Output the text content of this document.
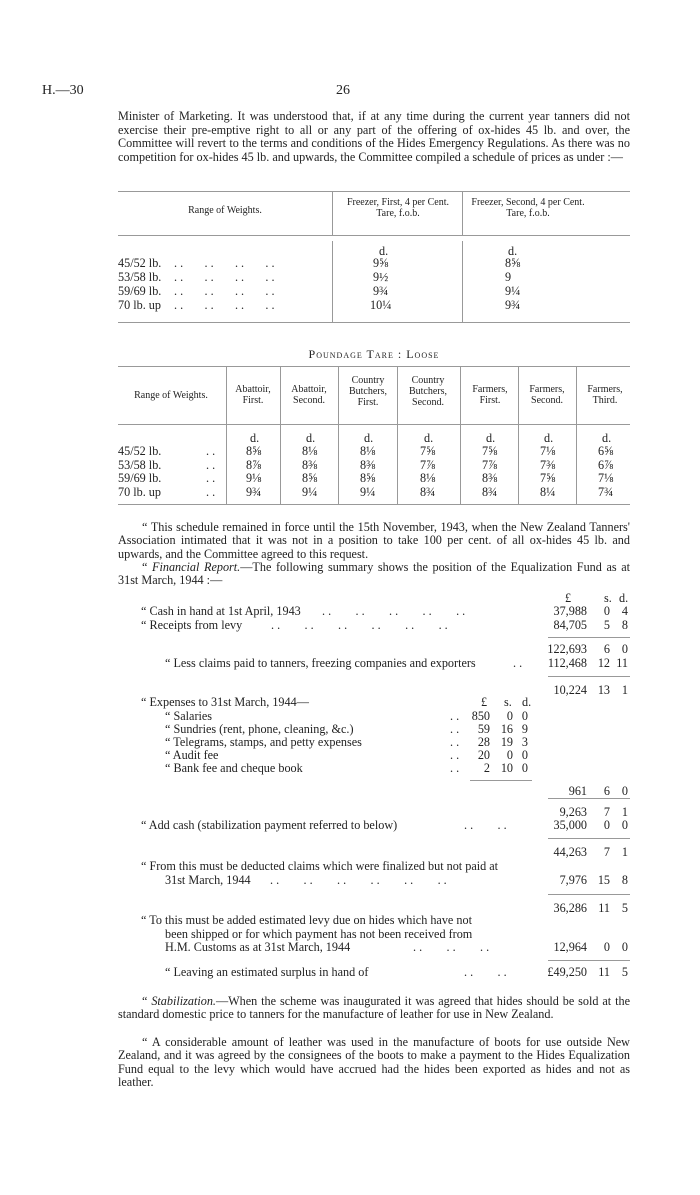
H.—30	26
Minister of Marketing. It was understood that, if at any time during the current year tanners did not exercise their pre-emptive right to all or any part of the offering of ox-hides 45 lb. and over, the Committee will revert to the terms and conditions of the Hides Emergency Regulations. As there was no competition for ox-hides 45 lb. and upwards, the Committee compiled a schedule of prices as under :—
Range of Weights.
Freezer, First, 4 per Cent. Tare, f.o.b.
Freezer, Second, 4 per Cent. Tare, f.o.b.
d.	d.
45/52 lb. . .       . .       . .       . .	9⅝	8⅝
53/58 lb. . .       . .       . .       . .	9½	9
59/69 lb. . .       . .       . .       . .	9¾	9¼
70 lb. up . .       . .       . .       . .	10¼	9¾
Poundage Tare : Loose
Range of Weights.
Abattoir, First.
Abattoir, Second.
Country Butchers, First.
Country Butchers, Second.
Farmers, First.
Farmers, Second.
Farmers, Third.
d.	d.	d.	d.	d.	d.	d.
45/52 lb.	. .	8⅝	8⅛	8⅛	7⅝	7⅝	7⅛	6⅝
53/58 lb.	. .	8⅞	8⅜	8⅜	7⅞	7⅞	7⅜	6⅞
59/69 lb.	. .	9⅛	8⅝	8⅝	8⅛	8⅜	7⅝	7⅛
70 lb. up	. .	9¾	9¼	9¼	8¾	8¾	8¼	7¾
“ This schedule remained in force until the 15th November, 1943, when the New Zealand Tanners' Association intimated that it was not in a position to take 100 per cent. of all ox-hides 45 lb. and upwards, and the Committee agreed to this request.
“ Financial Report.—The following summary shows the position of the Equalization Fund as at 31st March, 1944 :—
£	s. d.
“ Cash in hand at 1st April, 1943 . .        . .        . .        . .        . .	37,988 0 4
“ Receipts from levy . .        . .        . .        . .        . .        . .	84,705 5 8
122,693 6 0
“ Less claims paid to tanners, freezing companies and exporters	. . 112,468 12 11
10,224 13 1
“ Expenses to 31st March, 1944—	£ s. d.
“ Salaries	850 0 0
. .
“ Sundries (rent, phone, cleaning, &c.)	59 16 9
. .
“ Telegrams, stamps, and petty expenses	28 19 3
. .
“ Audit fee	20 0 0
. .
“ Bank fee and cheque book	2 10 0
. .
961 6 0
9,263 7 1
“ Add cash (stabilization payment referred to below)	. .        . .	35,000 0 0
44,263 7 1
“ From this must be deducted claims which were finalized but not paid at
31st March, 1944 . .        . .        . .        . .        . .        . .	7,976 15 8
36,286 11 5
“ To this must be added estimated levy due on hides which have not
been shipped or for which payment has not been received from
H.M. Customs as at 31st March, 1944	. .        . .        . .	12,964 0 0
“ Leaving an estimated surplus in hand of	. .        . .	£49,250 11 5
“ Stabilization.—When the scheme was inaugurated it was agreed that hides should be sold at the standard domestic price to tanners for the manufacture of leather for use in New Zealand.
“ A considerable amount of leather was used in the manufacture of boots for use outside New Zealand, and it was agreed by the consignees of the boots to make a payment to the Hides Equalization Fund equal to the levy which would have accrued had the hides been exported as hides and not as leather.
